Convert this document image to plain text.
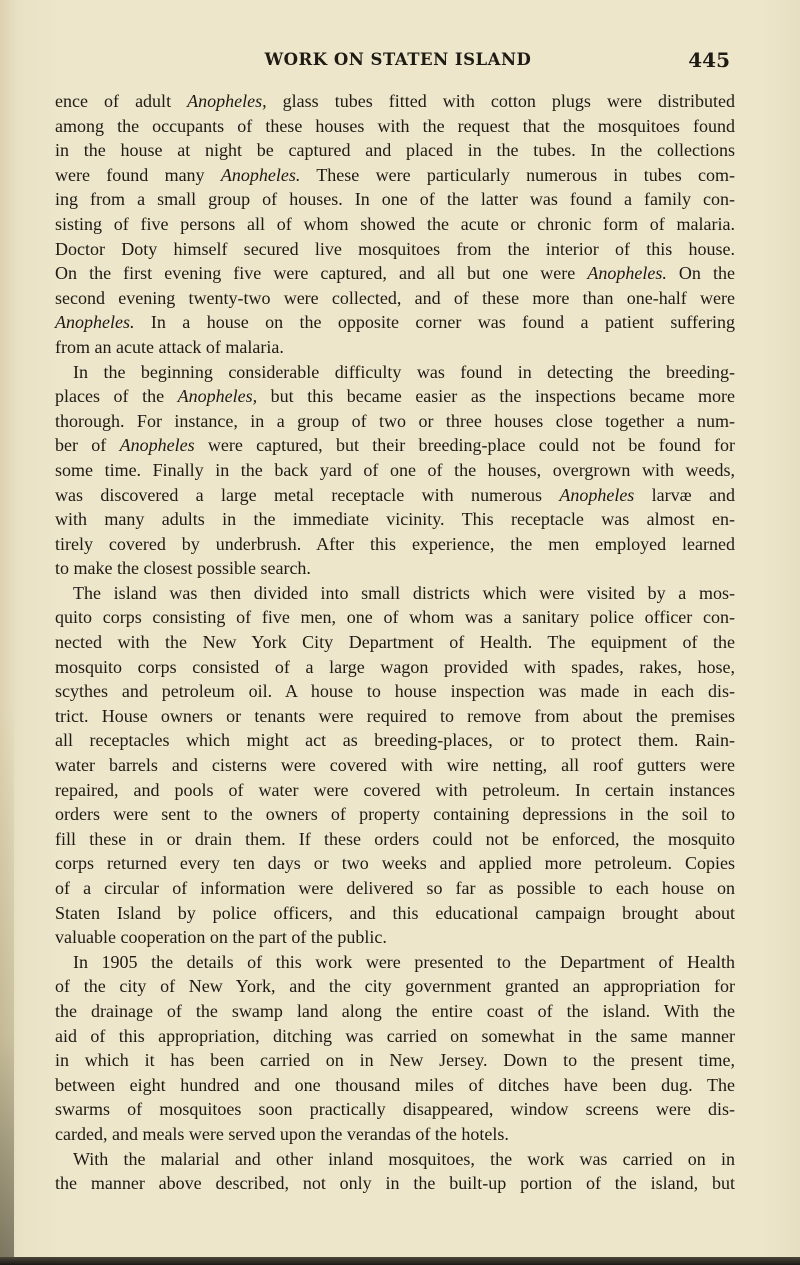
WORK ON STATEN ISLAND	445
ence of adult Anopheles, glass tubes fitted with cotton plugs were distributed
among the occupants of these houses with the request that the mosquitoes found
in the house at night be captured and placed in the tubes. In the collections
were found many Anopheles. These were particularly numerous in tubes com-
ing from a small group of houses. In one of the latter was found a family con-
sisting of five persons all of whom showed the acute or chronic form of malaria.
Doctor Doty himself secured live mosquitoes from the interior of this house.
On the first evening five were captured, and all but one were Anopheles. On the
second evening twenty-two were collected, and of these more than one-half were
Anopheles. In a house on the opposite corner was found a patient suffering
from an acute attack of malaria.
In the beginning considerable difficulty was found in detecting the breeding-
places of the Anopheles, but this became easier as the inspections became more
thorough. For instance, in a group of two or three houses close together a num-
ber of Anopheles were captured, but their breeding-place could not be found for
some time. Finally in the back yard of one of the houses, overgrown with weeds,
was discovered a large metal receptacle with numerous Anopheles larvæ and
with many adults in the immediate vicinity. This receptacle was almost en-
tirely covered by underbrush. After this experience, the men employed learned
to make the closest possible search.
The island was then divided into small districts which were visited by a mos-
quito corps consisting of five men, one of whom was a sanitary police officer con-
nected with the New York City Department of Health. The equipment of the
mosquito corps consisted of a large wagon provided with spades, rakes, hose,
scythes and petroleum oil. A house to house inspection was made in each dis-
trict. House owners or tenants were required to remove from about the premises
all receptacles which might act as breeding-places, or to protect them. Rain-
water barrels and cisterns were covered with wire netting, all roof gutters were
repaired, and pools of water were covered with petroleum. In certain instances
orders were sent to the owners of property containing depressions in the soil to
fill these in or drain them. If these orders could not be enforced, the mosquito
corps returned every ten days or two weeks and applied more petroleum. Copies
of a circular of information were delivered so far as possible to each house on
Staten Island by police officers, and this educational campaign brought about
valuable cooperation on the part of the public.
In 1905 the details of this work were presented to the Department of Health
of the city of New York, and the city government granted an appropriation for
the drainage of the swamp land along the entire coast of the island. With the
aid of this appropriation, ditching was carried on somewhat in the same manner
in which it has been carried on in New Jersey. Down to the present time,
between eight hundred and one thousand miles of ditches have been dug. The
swarms of mosquitoes soon practically disappeared, window screens were dis-
carded, and meals were served upon the verandas of the hotels.
With the malarial and other inland mosquitoes, the work was carried on in
the manner above described, not only in the built-up portion of the island, but
